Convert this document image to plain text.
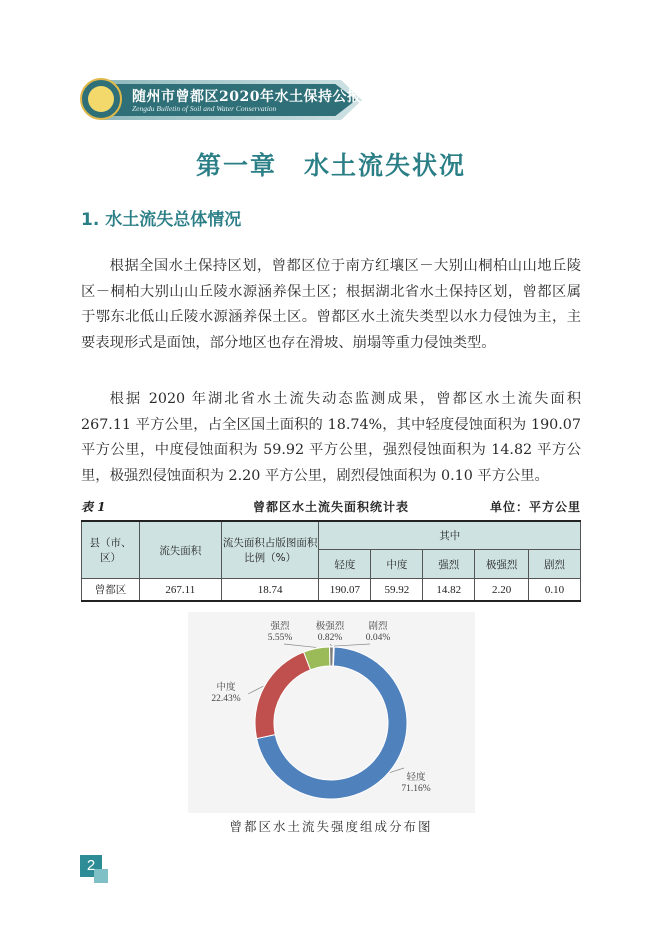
随州市曾都区2020年水土保持公报
Zengdu Bulletin of Soil and Water Conservation
第一章　水土流失状况
1. 水土流失总体情况

根据全国水土保持区划，曾都区位于南方红壤区－大别山桐柏山山地丘陵区－桐柏大别山山丘陵水源涵养保土区；根据湖北省水土保持区划，曾都区属于鄂东北低山丘陵水源涵养保土区。曾都区水土流失类型以水力侵蚀为主，主要表现形式是面蚀，部分地区也存在滑坡、崩塌等重力侵蚀类型。

根据 2020 年湖北省水土流失动态监测成果，曾都区水土流失面积 267.11 平方公里，占全区国土面积的 18.74%，其中轻度侵蚀面积为 190.07 平方公里，中度侵蚀面积为 59.92 平方公里，强烈侵蚀面积为 14.82 平方公里，极强烈侵蚀面积为 2.20 平方公里，剧烈侵蚀面积为 0.10 平方公里。

表 1	曾都区水土流失面积统计表	单位：平方公里
县（市、区）	流失面积	流失面积占版图面积比例（%）	其中				
			轻度	中度	强烈	极强烈	剧烈
曾都区	267.11	18.74	190.07	59.92	14.82	2.20	0.10
轻度
71.16%
中度
22.43%
强烈
5.55%
极强烈
0.82%
剧烈
0.04%
曾都区水土流失强度组成分布图
2
